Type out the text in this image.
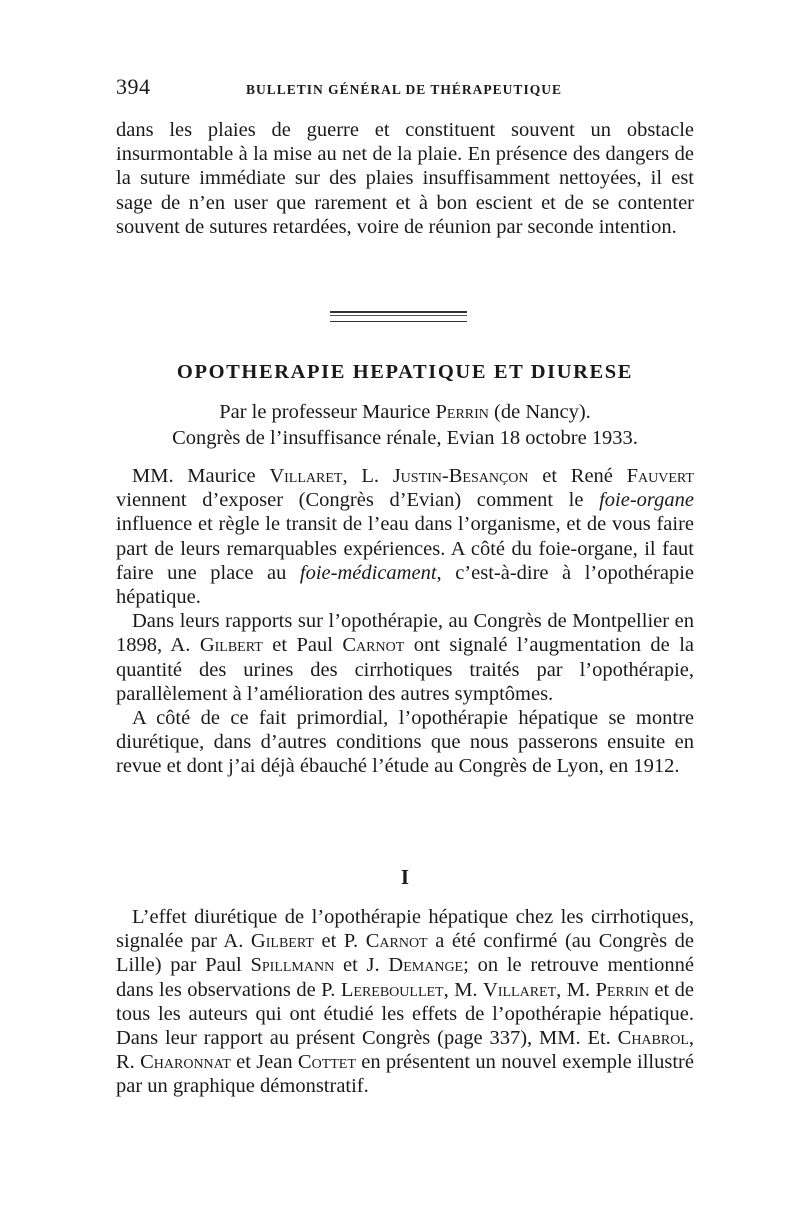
394	BULLETIN GÉNÉRAL DE THÉRAPEUTIQUE

dans les plaies de guerre et constituent souvent un obstacle insurmontable à la mise au net de la plaie. En présence des dangers de la suture immédiate sur des plaies insuffisamment nettoyées, il est sage de n’en user que rarement et à bon escient et de se contenter souvent de sutures retardées, voire de réunion par seconde intention.

OPOTHERAPIE HEPATIQUE ET DIURESE
Par le professeur Maurice Perrin (de Nancy).
Congrès de l’insuffisance rénale, Evian 18 octobre 1933.

MM. Maurice Villaret, L. Justin-Besançon et René Fauvert viennent d’exposer (Congrès d’Evian) comment le foie-organe influence et règle le transit de l’eau dans l’organisme, et de vous faire part de leurs remarquables expériences. A côté du foie-organe, il faut faire une place au foie-médicament, c’est-à-dire à l’opothérapie hépatique.

Dans leurs rapports sur l’opothérapie, au Congrès de Montpellier en 1898, A. Gilbert et Paul Carnot ont signalé l’augmentation de la quantité des urines des cirrhotiques traités par l’opothérapie, parallèlement à l’amélioration des autres symptômes.

A côté de ce fait primordial, l’opothérapie hépatique se montre diurétique, dans d’autres conditions que nous passerons ensuite en revue et dont j’ai déjà ébauché l’étude au Congrès de Lyon, en 1912.

I

L’effet diurétique de l’opothérapie hépatique chez les cirrhotiques, signalée par A. Gilbert et P. Carnot a été confirmé (au Congrès de Lille) par Paul Spillmann et J. Demange; on le retrouve mentionné dans les observations de P. Lereboullet, M. Villaret, M. Perrin et de tous les auteurs qui ont étudié les effets de l’opothérapie hépatique. Dans leur rapport au présent Congrès (page 337), MM. Et. Chabrol, R. Charonnat et Jean Cottet en présentent un nouvel exemple illustré par un graphique démonstratif.
